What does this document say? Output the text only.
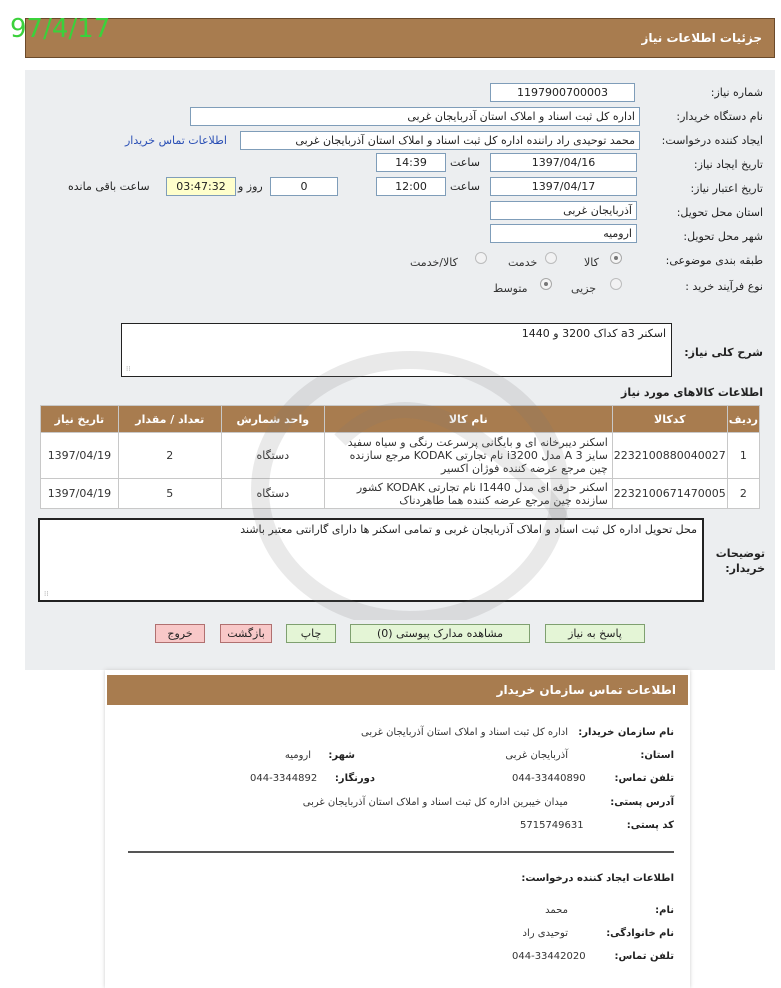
جزئیات اطلاعات نیاز
97/4/17
شماره نیاز:
1197900700003
نام دستگاه خریدار:
اداره کل ثبت اسناد و املاک استان آذربایجان غربی
ایجاد کننده درخواست:
محمد توحیدی راد راننده اداره کل ثبت اسناد و املاک استان آذربایجان غربی
اطلاعات تماس خریدار
تاریخ ایجاد نیاز:
1397/04/16
ساعت
14:39
تاریخ اعتبار نیاز:
1397/04/17
ساعت
12:00
0
روز و
03:47:32
ساعت باقی مانده
استان محل تحویل:
آذربایجان غربی
شهر محل تحویل:
ارومیه
طبقه بندی موضوعی:
کالا
خدمت
کالا/خدمت
نوع فرآیند خرید :
جزیی
متوسط
شرح کلی نیاز:
اسکنر a3 کداک 3200 و 1440
⁞⁞
اطلاعات کالاهای مورد نیاز
ردیف	کدکالا	نام کالا	واحد شمارش	تعداد / مقدار	تاریخ نیاز
1	2232100880040027	اسکنر دیبرخانه ای و بایگانی پرسرعت رنگی و سیاه سفید سایز A 3 مدل i3200 نام تجارتی KODAK مرجع سازنده چین مرجع عرضه کننده فوژان اکسیر	دستگاه	2	1397/04/19
2	2232100671470005	اسکنر حرفه ای مدل I1440 نام تجارتی KODAK کشور سازنده چین مرجع عرضه کننده هما طاهردناک	دستگاه	5	1397/04/19
توضیحات خریدار:
محل تحویل اداره کل ثبت اسناد و املاک آذربایجان غربی و تمامی اسکنر ها دارای گارانتی معتبر باشند
⁞⁞
پاسخ به نیاز
مشاهده مدارک پیوستی (0)
چاپ
بازگشت
خروج
اطلاعات تماس سازمان خریدار
نام سازمان خریدار:
اداره کل ثبت اسناد و املاک استان آذربایجان غربی
استان:
آذربایجان غربی
شهر:
ارومیه
تلفن تماس:
044-33440890
دورنگار:
044-3344892
آدرس پستی:
میدان خیبرین اداره کل ثبت اسناد و املاک استان آذربایجان غربی
کد پستی:
5715749631
اطلاعات ایجاد کننده درخواست:
نام:
محمد
نام خانوادگی:
توحیدی راد
تلفن تماس:
044-33442020
